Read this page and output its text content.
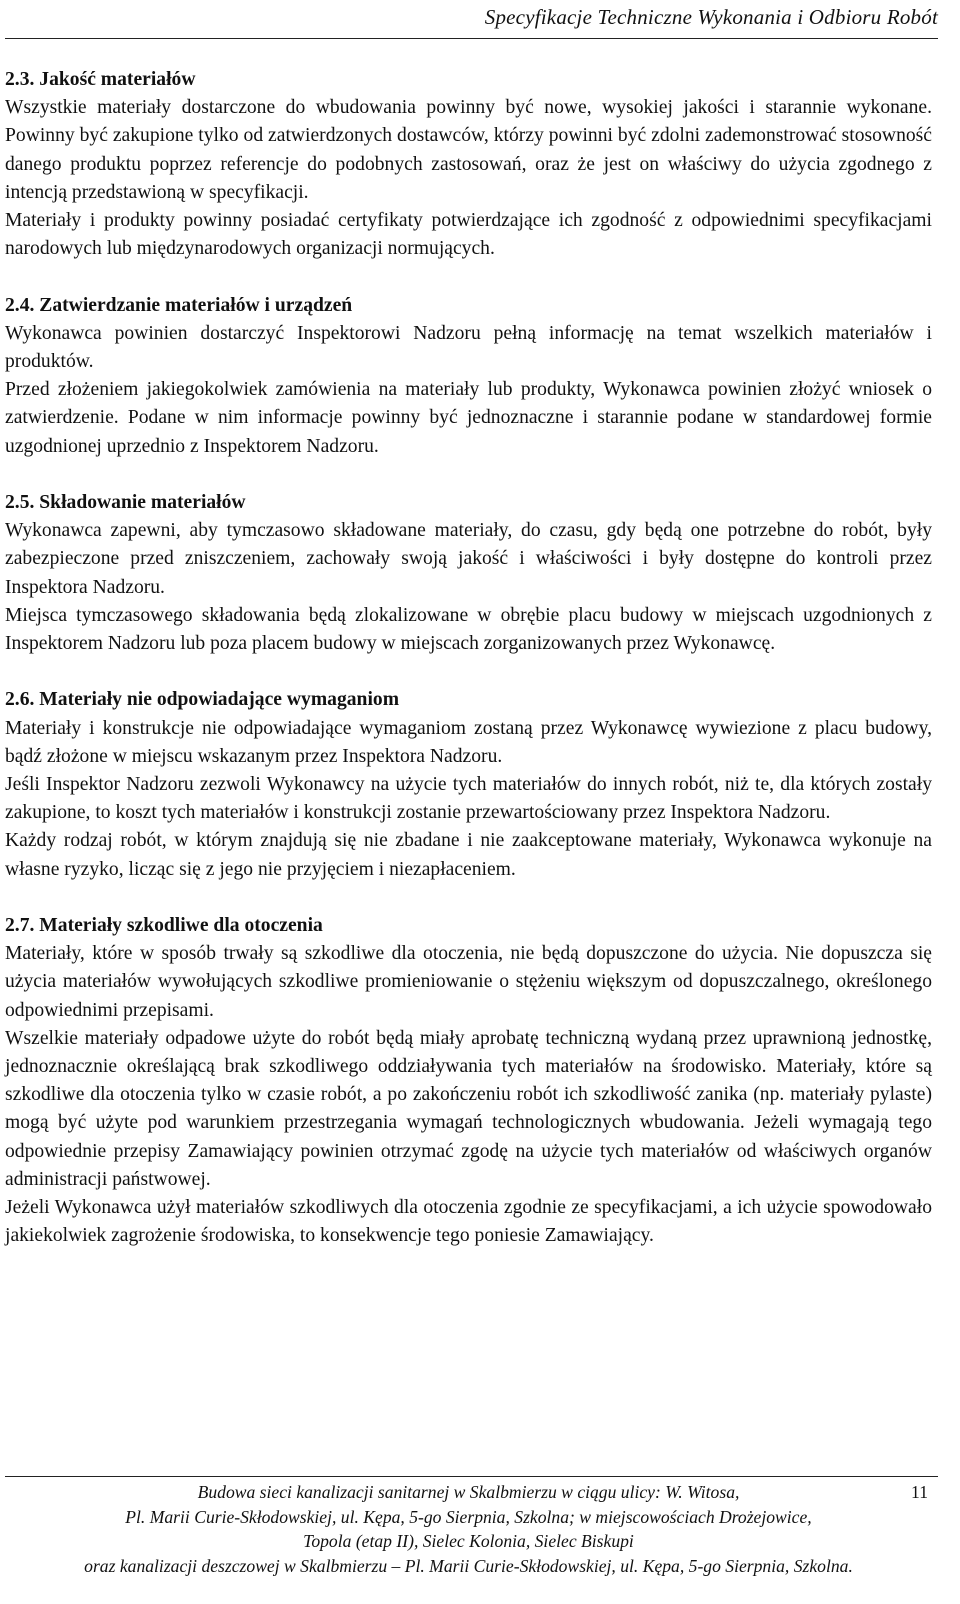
Specyfikacje Techniczne Wykonania i Odbioru Robót
2.3. Jakość materiałów

Wszystkie materiały dostarczone do wbudowania powinny być nowe, wysokiej jakości i starannie wykonane. Powinny być zakupione tylko od zatwierdzonych dostawców, którzy powinni być zdolni zademonstrować stosowność danego produktu poprzez referencje do podobnych zastosowań, oraz że jest on właściwy do użycia zgodnego z intencją przedstawioną w specyfikacji.

Materiały i produkty powinny posiadać certyfikaty potwierdzające ich zgodność z odpowiednimi specyfikacjami narodowych lub międzynarodowych organizacji normujących.

2.4. Zatwierdzanie materiałów i urządzeń

Wykonawca powinien dostarczyć Inspektorowi Nadzoru pełną informację na temat wszelkich materiałów i produktów.

Przed złożeniem jakiegokolwiek zamówienia na materiały lub produkty, Wykonawca powinien złożyć wniosek o zatwierdzenie. Podane w nim informacje powinny być jednoznaczne i starannie podane w standardowej formie uzgodnionej uprzednio z Inspektorem Nadzoru.

2.5. Składowanie materiałów

Wykonawca zapewni, aby tymczasowo składowane materiały, do czasu, gdy będą one potrzebne do robót, były zabezpieczone przed zniszczeniem, zachowały swoją jakość i właściwości i były dostępne do kontroli przez Inspektora Nadzoru.

Miejsca tymczasowego składowania będą zlokalizowane w obrębie placu budowy w miejscach uzgodnionych z Inspektorem Nadzoru lub poza placem budowy w miejscach zorganizowanych przez Wykonawcę.

2.6. Materiały nie odpowiadające wymaganiom

Materiały i konstrukcje nie odpowiadające wymaganiom zostaną przez Wykonawcę wywiezione z placu budowy, bądź złożone w miejscu wskazanym przez Inspektora Nadzoru.

Jeśli Inspektor Nadzoru zezwoli Wykonawcy na użycie tych materiałów do innych robót, niż te, dla których zostały zakupione, to koszt tych materiałów i konstrukcji zostanie przewartościowany przez Inspektora Nadzoru.

Każdy rodzaj robót, w którym znajdują się nie zbadane i nie zaakceptowane materiały, Wykonawca wykonuje na własne ryzyko, licząc się z jego nie przyjęciem i niezapłaceniem.

2.7. Materiały szkodliwe dla otoczenia

Materiały, które w sposób trwały są szkodliwe dla otoczenia, nie będą dopuszczone do użycia. Nie dopuszcza się użycia materiałów wywołujących szkodliwe promieniowanie o stężeniu większym od dopuszczalnego, określonego odpowiednimi przepisami.

Wszelkie materiały odpadowe użyte do robót będą miały aprobatę techniczną wydaną przez uprawnioną jednostkę, jednoznacznie określającą brak szkodliwego oddziaływania tych materiałów na środowisko. Materiały, które są szkodliwe dla otoczenia tylko w czasie robót, a po zakończeniu robót ich szkodliwość zanika (np. materiały pylaste) mogą być użyte pod warunkiem przestrzegania wymagań technologicznych wbudowania. Jeżeli wymagają tego odpowiednie przepisy Zamawiający powinien otrzymać zgodę na użycie tych materiałów od właściwych organów administracji państwowej.

Jeżeli Wykonawca użył materiałów szkodliwych dla otoczenia zgodnie ze specyfikacjami, a ich użycie spowodowało jakiekolwiek zagrożenie środowiska, to konsekwencje tego poniesie Zamawiający.

Budowa sieci kanalizacji sanitarnej w Skalbmierzu w ciągu ulicy: W. Witosa,
Pl. Marii Curie-Skłodowskiej, ul. Kępa, 5-go Sierpnia, Szkolna; w miejscowościach Drożejowice,
Topola (etap II), Sielec Kolonia, Sielec Biskupi
oraz kanalizacji deszczowej w Skalbmierzu – Pl. Marii Curie-Skłodowskiej, ul. Kępa, 5-go Sierpnia, Szkolna.
11
